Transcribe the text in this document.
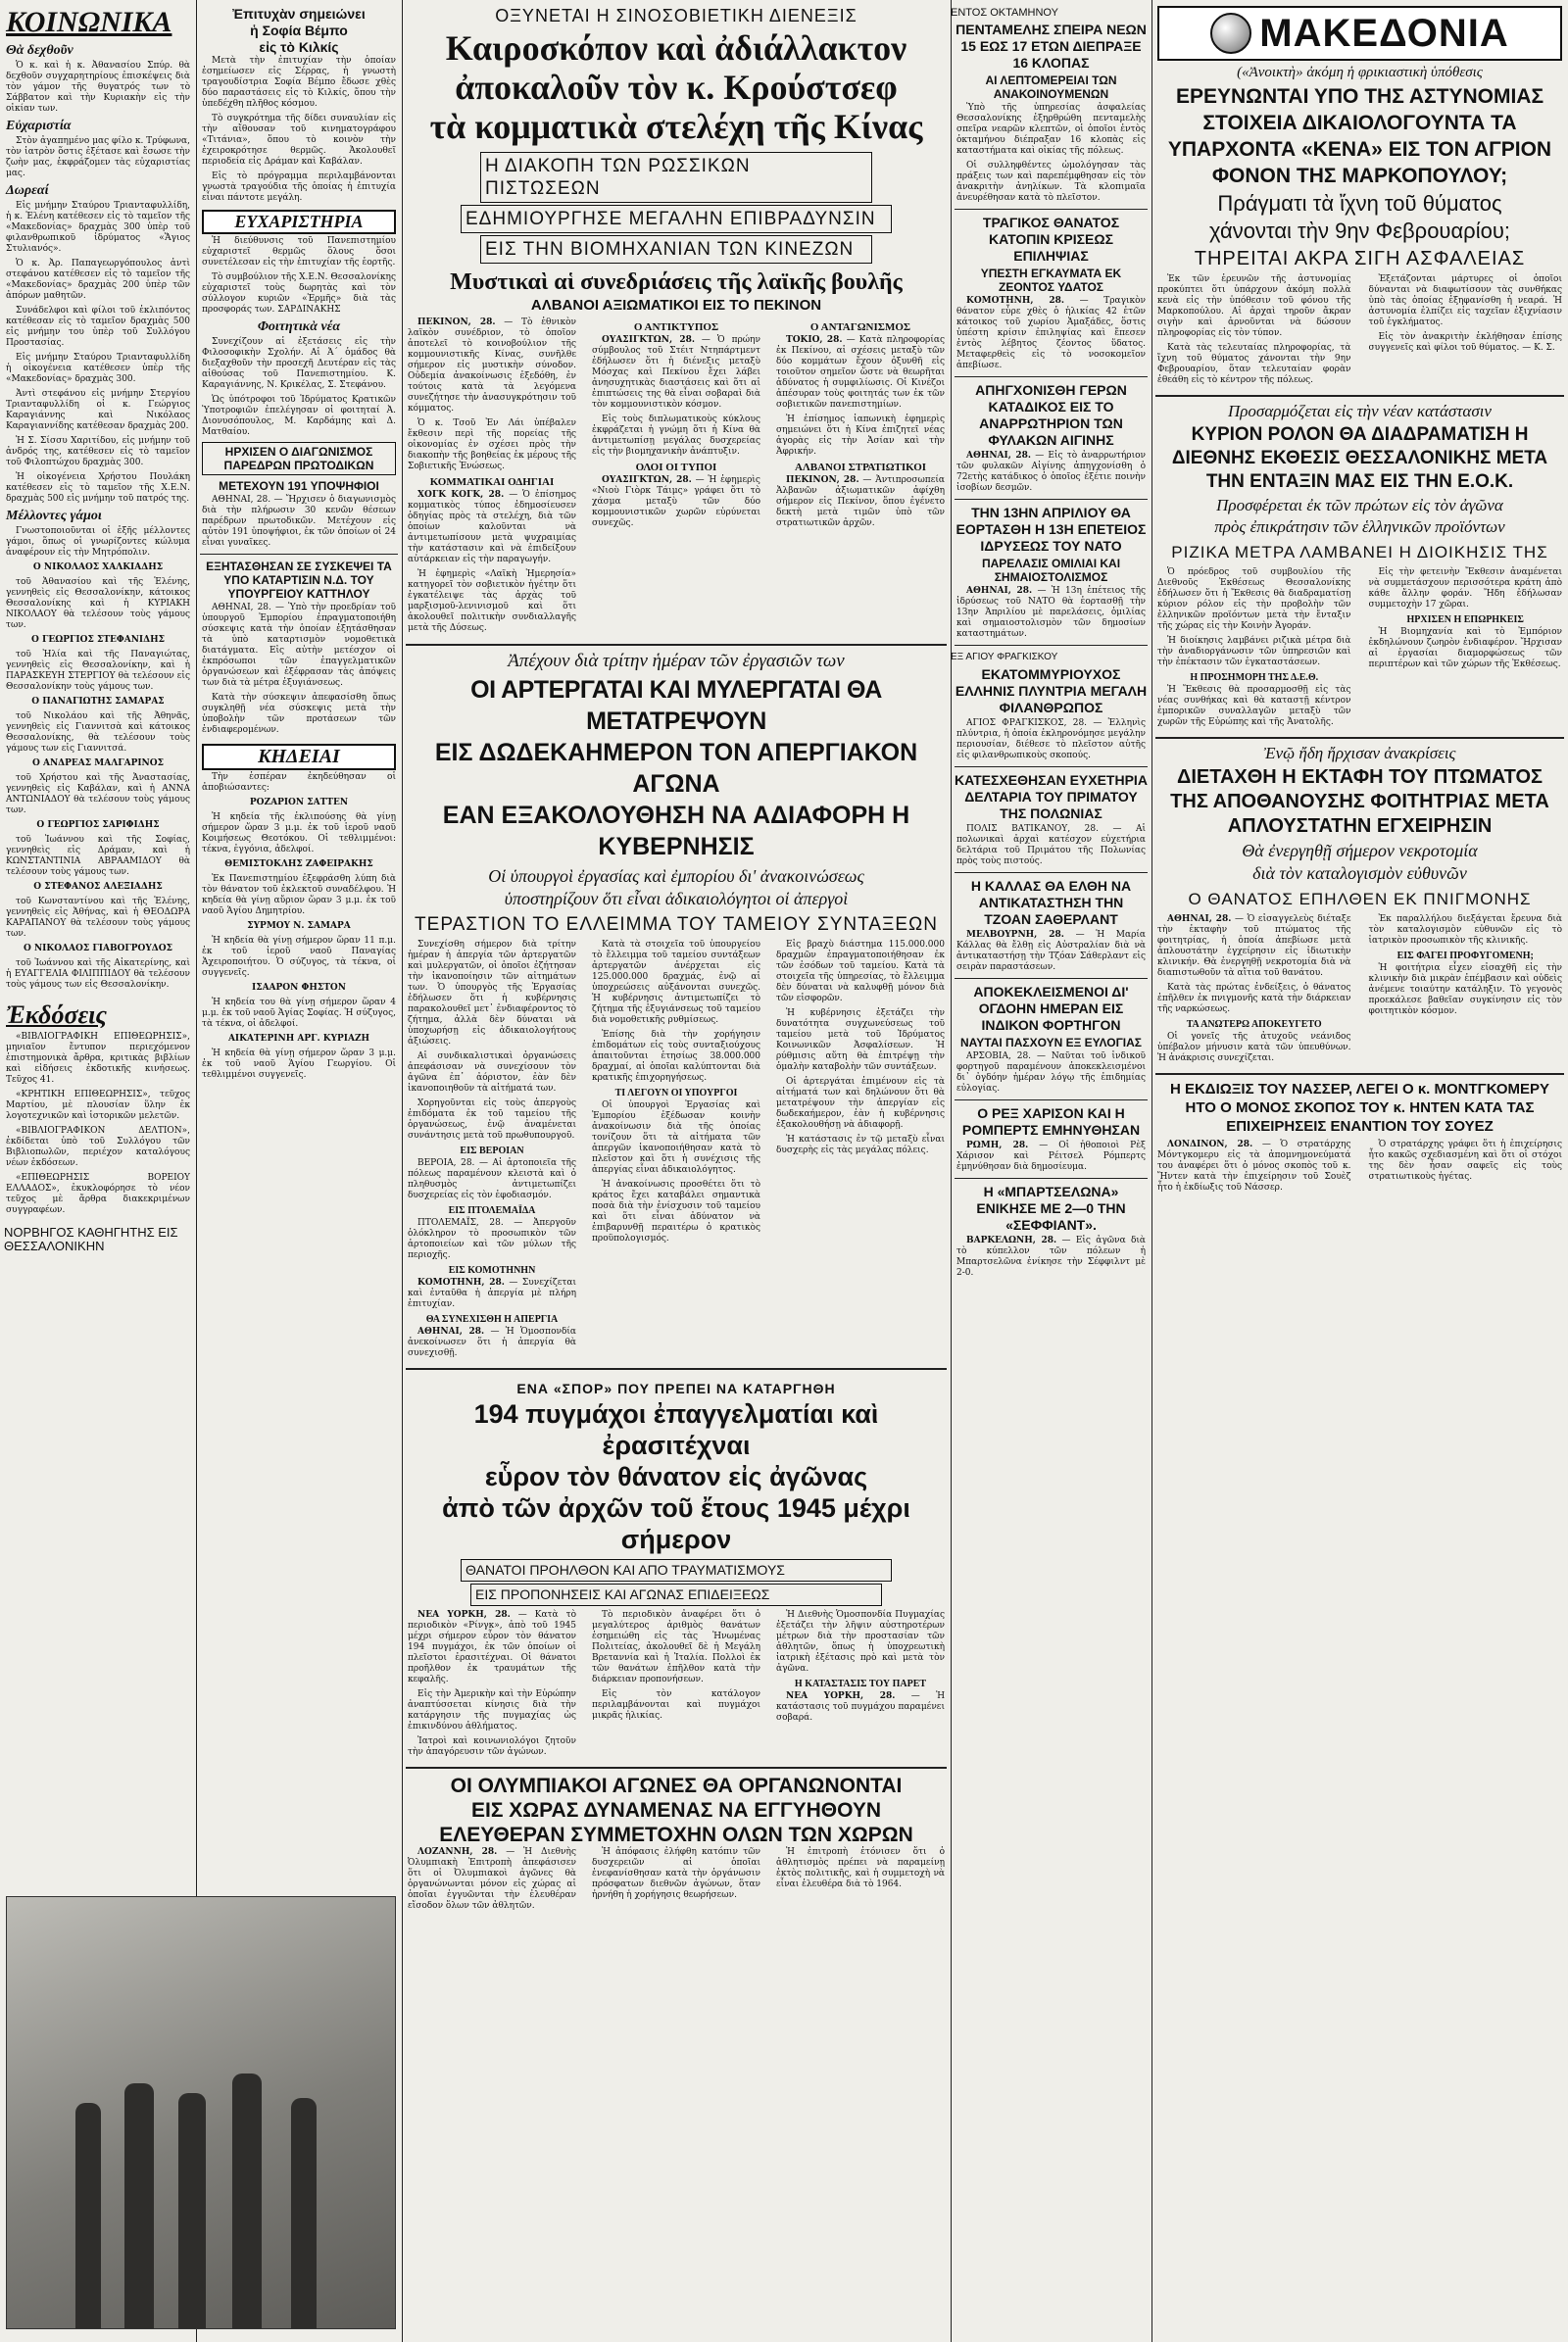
ΚΟΙΝΩΝΙΚΑ
Θὰ δεχθοῦν

Ὁ κ. καὶ ἡ κ. Ἀθανασίου Σπύρ. θὰ δεχθοῦν συγχαρητηρίους ἐπισκέψεις διὰ τὸν γάμον τῆς θυγατρός των τὸ Σάββατον καὶ τὴν Κυριακὴν εἰς τὴν οἰκίαν των.

Εὐχαριστία

Στὸν ἀγαπημένο μας φίλο κ. Τρύφωνα, τὸν ἰατρὸν ὅστις ἐξέτασε καὶ ἔσωσε τὴν ζωὴν μας, ἐκφράζομεν τὰς εὐχαριστίας μας.

Δωρεαί

Εἰς μνήμην Σταύρου Τριανταφυλλίδη, ἡ κ. Ἑλένη κατέθεσεν εἰς τὸ ταμεῖον τῆς «Μακεδονίας» δραχμὰς 300 ὑπὲρ τοῦ φιλανθρωπικοῦ ἱδρύματος «Ἅγιος Στυλιανός».

Ὁ κ. Ἀρ. Παπαγεωργόπουλος ἀντὶ στεφάνου κατέθεσεν εἰς τὸ ταμεῖον τῆς «Μακεδονίας» δραχμὰς 200 ὑπὲρ τῶν ἀπόρων μαθητῶν.

Συνάδελφοι καὶ φίλοι τοῦ ἐκλιπόντος κατέθεσαν εἰς τὸ ταμεῖον δραχμὰς 500 εἰς μνήμην του ὑπὲρ τοῦ Συλλόγου Προστασίας.

Εἰς μνήμην Σταύρου Τριανταφυλλίδη ἡ οἰκογένεια κατέθεσεν ὑπὲρ τῆς «Μακεδονίας» δραχμὰς 300.

Ἀντὶ στεφάνου εἰς μνήμην Στεργίου Τριανταφυλλίδη οἱ κ. Γεώργιος Καραγιάννης καὶ Νικόλαος Καραγιαννίδης κατέθεσαν δραχμὰς 200.

Ἡ Σ. Σίσσυ Χαριτίδου, εἰς μνήμην τοῦ ἀνδρός της, κατέθεσεν εἰς τὸ ταμεῖον τοῦ Φιλοπτώχου δραχμὰς 300.

Ἡ οἰκογένεια Χρήστου Πουλάκη κατέθεσεν εἰς τὸ ταμεῖον τῆς Χ.Ε.Ν. δραχμὰς 500 εἰς μνήμην τοῦ πατρός της.

Μέλλοντες γάμοι

Γνωστοποιοῦνται οἱ ἑξῆς μέλλοντες γάμοι, ὅπως οἱ γνωρίζοντες κώλυμα ἀναφέρουν εἰς τὴν Μητρόπολιν.

Ο ΝΙΚΟΛΑΟΣ ΧΑΛΚΙΑΔΗΣ

τοῦ Ἀθανασίου καὶ τῆς Ἑλένης, γεννηθεὶς εἰς Θεσσαλονίκην, κάτοικος Θεσσαλονίκης καὶ ἡ ΚΥΡΙΑΚΗ ΝΙΚΟΛΑΟΥ θὰ τελέσουν τοὺς γάμους των.

Ο ΓΕΩΡΓΙΟΣ ΣΤΕΦΑΝΙΔΗΣ

τοῦ Ἠλία καὶ τῆς Παναγιώτας, γεννηθεὶς εἰς Θεσσαλονίκην, καὶ ἡ ΠΑΡΑΣΚΕΥΗ ΣΤΕΡΓΙΟΥ θὰ τελέσουν εἰς Θεσσαλονίκην τοὺς γάμους των.

Ο ΠΑΝΑΓΙΩΤΗΣ ΣΑΜΑΡΑΣ

τοῦ Νικολάου καὶ τῆς Ἀθηνᾶς, γεννηθεὶς εἰς Γιαννιτσὰ καὶ κάτοικος Θεσσαλονίκης, θὰ τελέσουν τοὺς γάμους των εἰς Γιαννιτσά.

Ο ΑΝΔΡΕΑΣ ΜΑΛΓΑΡΙΝΟΣ

τοῦ Χρήστου καὶ τῆς Ἀναστασίας, γεννηθεὶς εἰς Καβάλαν, καὶ ἡ ΑΝΝΑ ΑΝΤΩΝΙΑΔΟΥ θὰ τελέσουν τοὺς γάμους των.

Ο ΓΕΩΡΓΙΟΣ ΣΑΡΙΦΙΔΗΣ

τοῦ Ἰωάννου καὶ τῆς Σοφίας, γεννηθεὶς εἰς Δράμαν, καὶ ἡ ΚΩΝΣΤΑΝΤΙΝΙΑ ΑΒΡΑΑΜΙΔΟΥ θὰ τελέσουν τοὺς γάμους των.

Ο ΣΤΕΦΑΝΟΣ ΑΛΕΞΙΑΔΗΣ

τοῦ Κωνσταντίνου καὶ τῆς Ἑλένης, γεννηθεὶς εἰς Ἀθήνας, καὶ ἡ ΘΕΟΔΩΡΑ ΚΑΡΑΠΑΝΟΥ θὰ τελέσουν τοὺς γάμους των.

Ο ΝΙΚΟΛΑΟΣ ΓΙΑΒΟΓΡΟΥΔΟΣ

τοῦ Ἰωάννου καὶ τῆς Αἰκατερίνης, καὶ ἡ ΕΥΑΓΓΕΛΙΑ ΦΙΛΙΠΠΙΔΟΥ θὰ τελέσουν τοὺς γάμους των εἰς Θεσσαλονίκην.

Ἐκδόσεις

«ΒΙΒΛΙΟΓΡΑΦΙΚΗ ΕΠΙΘΕΩΡΗΣΙΣ», μηνιαῖον ἔντυπον περιεχόμενον ἐπιστημονικὰ ἄρθρα, κριτικὰς βιβλίων καὶ εἰδήσεις ἐκδοτικῆς κινήσεως. Τεῦχος 41.

«ΚΡΗΤΙΚΗ ΕΠΙΘΕΩΡΗΣΙΣ», τεῦχος Μαρτίου, μὲ πλουσίαν ὕλην ἐκ λογοτεχνικῶν καὶ ἱστορικῶν μελετῶν.

«ΒΙΒΛΙΟΓΡΑΦΙΚΟΝ ΔΕΛΤΙΟΝ», ἐκδίδεται ὑπὸ τοῦ Συλλόγου τῶν Βιβλιοπωλῶν, περιέχον καταλόγους νέων ἐκδόσεων.

«ΕΠΙΘΕΩΡΗΣΙΣ ΒΟΡΕΙΟΥ ΕΛΛΑΔΟΣ», ἐκυκλοφόρησε τὸ νέον τεῦχος μὲ ἄρθρα διακεκριμένων συγγραφέων.

ΝΟΡΒΗΓΟΣ ΚΑΘΗΓΗΤΗΣ ΕΙΣ ΘΕΣΣΑΛΟΝΙΚΗΝ
Ἐπιτυχὰν σημειώνει
ἡ Σοφία Βέμπο
εἰς τὸ Κιλκίς

Μετὰ τὴν ἐπιτυχίαν τὴν ὁποίαν ἐσημείωσεν εἰς Σέρρας, ἡ γνωστὴ τραγουδίστρια Σοφία Βέμπο ἔδωσε χθὲς δύο παραστάσεις εἰς τὸ Κιλκίς, ὅπου τὴν ὑπεδέχθη πλῆθος κόσμου.

Τὸ συγκρότημα τῆς δίδει συναυλίαν εἰς τὴν αἴθουσαν τοῦ κινηματογράφου «Τιτάνια», ὅπου τὸ κοινὸν τὴν ἐχειροκρότησε θερμῶς. Ἀκολουθεῖ περιοδεία εἰς Δράμαν καὶ Καβάλαν.

Εἰς τὸ πρόγραμμα περιλαμβάνονται γνωστὰ τραγούδια τῆς ὁποίας ἡ ἐπιτυχία εἶναι πάντοτε μεγάλη.

ΕΥΧΑΡΙΣΤΗΡΙΑ

Ἡ διεύθυνσις τοῦ Πανεπιστημίου εὐχαριστεῖ θερμῶς ὅλους ὅσοι συνετέλεσαν εἰς τὴν ἐπιτυχίαν τῆς ἑορτῆς.

Τὸ συμβούλιον τῆς Χ.Ε.Ν. Θεσσαλονίκης εὐχαριστεῖ τοὺς δωρητὰς καὶ τὸν σύλλογον κυριῶν «Ἑρμῆς» διὰ τὰς προσφοράς των. ΣΑΡΔΙΝΑΚΗΣ

Φοιτητικὰ νέα

Συνεχίζουν αἱ ἐξετάσεις εἰς τὴν Φιλοσοφικὴν Σχολήν. Αἱ Ἀ΄ ὁμάδος θὰ διεξαχθοῦν τὴν προσεχῆ Δευτέραν εἰς τὰς αἰθούσας τοῦ Πανεπιστημίου. Κ. Καραγιάννης, Ν. Κρικέλας, Σ. Στεφάνου.

Ὡς ὑπότροφοι τοῦ Ἱδρύματος Κρατικῶν Ὑποτροφιῶν ἐπελέγησαν οἱ φοιτηταί Ἀ. Διονυσόπουλος, Μ. Καρδάμης καὶ Δ. Ματθαίου.

ΗΡΧΙΣΕΝ Ο ΔΙΑΓΩΝΙΣΜΟΣ ΠΑΡΕΔΡΩΝ ΠΡΩΤΟΔΙΚΩΝ
ΜΕΤΕΧΟΥΝ 191 ΥΠΟΨΗΦΙΟΙ

ΑΘΗΝΑΙ, 28. — Ἤρχισεν ὁ διαγωνισμὸς διὰ τὴν πλήρωσιν 30 κενῶν θέσεων παρέδρων πρωτοδικῶν. Μετέχουν εἰς αὐτὸν 191 ὑποψήφιοι, ἐκ τῶν ὁποίων οἱ 24 εἶναι γυναῖκες.

ΕΞΗΤΑΣΘΗΣΑΝ ΣΕ ΣΥΣΚΕΨΕΙ ΤΑ ΥΠΟ ΚΑΤΑΡΤΙΣΙΝ Ν.Δ. ΤΟΥ ΥΠΟΥΡΓΕΙΟΥ ΚΑΤΤΗΛΟΥ

ΑΘΗΝΑΙ, 28. — Ὑπὸ τὴν προεδρίαν τοῦ ὑπουργοῦ Ἐμπορίου ἐπραγματοποιήθη σύσκεψις κατὰ τὴν ὁποίαν ἐξητάσθησαν τὰ ὑπὸ καταρτισμὸν νομοθετικὰ διατάγματα. Εἰς αὐτὴν μετέσχον οἱ ἐκπρόσωποι τῶν ἐπαγγελματικῶν ὀργανώσεων καὶ ἐξέφρασαν τὰς ἀπόψεις των διὰ τὰ μέτρα ἐξυγιάνσεως.

Κατὰ τὴν σύσκεψιν ἀπεφασίσθη ὅπως συγκληθῇ νέα σύσκεψις μετὰ τὴν ὑποβολὴν τῶν προτάσεων τῶν ἐνδιαφερομένων.

ΚΗΔΕΙΑΙ

Τὴν ἐσπέραν ἐκηδεύθησαν οἱ ἀποβιώσαντες:

ΡΟΖΑΡΙΟΝ ΣΑΤΤΕΝ

Ἡ κηδεία τῆς ἐκλιπούσης θὰ γίνῃ σήμερον ὥραν 3 μ.μ. ἐκ τοῦ ἱεροῦ ναοῦ Κοιμήσεως Θεοτόκου. Οἱ τεθλιμμένοι: τέκνα, ἐγγόνια, ἀδελφοί.

ΘΕΜΙΣΤΟΚΛΗΣ ΖΑΦΕΙΡΑΚΗΣ

Ἐκ Πανεπιστημίου ἐξεφράσθη λύπη διὰ τὸν θάνατον τοῦ ἐκλεκτοῦ συναδέλφου. Ἡ κηδεία θὰ γίνῃ αὔριον ὥραν 3 μ.μ. ἐκ τοῦ ναοῦ Ἁγίου Δημητρίου.

ΣΥΡΜΟΥ Ν. ΣΑΜΑΡΑ

Ἡ κηδεία θὰ γίνῃ σήμερον ὥραν 11 π.μ. ἐκ τοῦ ἱεροῦ ναοῦ Παναγίας Ἀχειροποιήτου. Ὁ σύζυγος, τὰ τέκνα, οἱ συγγενεῖς.

ΙΣΑΑΡΟΝ ΦΗΣΤΟΝ

Ἡ κηδεία του θὰ γίνῃ σήμερον ὥραν 4 μ.μ. ἐκ τοῦ ναοῦ Ἁγίας Σοφίας. Ἡ σύζυγος, τὰ τέκνα, οἱ ἀδελφοί.

ΑΙΚΑΤΕΡΙΝΗ ΑΡΓ. ΚΥΡΙΑΖΗ

Ἡ κηδεία θὰ γίνῃ σήμερον ὥραν 3 μ.μ. ἐκ τοῦ ναοῦ Ἁγίου Γεωργίου. Οἱ τεθλιμμένοι συγγενεῖς.

ΟΞΥΝΕΤΑΙ Η ΣΙΝΟΣΟΒΙΕΤΙΚΗ ΔΙΕΝΕΞΙΣ
Καιροσκόπον καὶ ἀδιάλλακτον
ἀποκαλοῦν τὸν κ. Κρούστσεφ
τὰ κομματικὰ στελέχη τῆς Κίνας
Η ΔΙΑΚΟΠΗ ΤΩΝ ΡΩΣΣΙΚΩΝ ΠΙΣΤΩΣΕΩΝ
ΕΔΗΜΙΟΥΡΓΗΣΕ ΜΕΓΑΛΗΝ ΕΠΙΒΡΑΔΥΝΣΙΝ
ΕΙΣ ΤΗΝ ΒΙΟΜΗΧΑΝΙΑΝ ΤΩΝ ΚΙΝΕΖΩΝ
Μυστικαὶ αἱ συνεδριάσεις τῆς λαϊκῆς βουλῆς
ΑΛΒΑΝΟΙ ΑΞΙΩΜΑΤΙΚΟΙ ΕΙΣ ΤΟ ΠΕΚΙΝΟΝ

ΠΕΚΙΝΟΝ, 28. — Τὸ ἐθνικὸν λαϊκὸν συνέδριον, τὸ ὁποῖον ἀποτελεῖ τὸ κοινοβούλιον τῆς κομμουνιστικῆς Κίνας, συνῆλθε σήμερον εἰς μυστικὴν σύνοδον. Οὐδεμία ἀνακοίνωσις ἐξεδόθη, ἐν τούτοις κατὰ τὰ λεγόμενα συνεζήτησε τὴν ἀνασυγκρότησιν τοῦ κόμματος.

Ὁ κ. Τσοῦ Ἐν Λάι ὑπέβαλεν ἔκθεσιν περὶ τῆς πορείας τῆς οἰκονομίας ἐν σχέσει πρὸς τὴν διακοπὴν τῆς βοηθείας ἐκ μέρους τῆς Σοβιετικῆς Ἑνώσεως.

ΚΟΜΜΑΤΙΚΑΙ ΟΔΗΓΙΑΙ

ΧΟΓΚ ΚΟΓΚ, 28. — Ὁ ἐπίσημος κομματικὸς τύπος ἐδημοσίευσεν ὁδηγίας πρὸς τὰ στελέχη, διὰ τῶν ὁποίων καλοῦνται νὰ ἀντιμετωπίσουν μετὰ ψυχραιμίας τὴν κατάστασιν καὶ νὰ ἐπιδείξουν αὐτάρκειαν εἰς τὴν παραγωγήν.

Ἡ ἐφημερὶς «Λαϊκὴ Ἡμερησία» κατηγορεῖ τὸν σοβιετικὸν ἡγέτην ὅτι ἐγκατέλειψε τὰς ἀρχὰς τοῦ μαρξισμοῦ-λενινισμοῦ καὶ ὅτι ἀκολουθεῖ πολιτικὴν συνδιαλλαγῆς μετὰ τῆς Δύσεως.

Ο ΑΝΤΙΚΤΥΠΟΣ

ΟΥΑΣΙΓΚΤΩΝ, 28. — Ὁ πρώην σύμβουλος τοῦ Στέιτ Ντηπάρτμεντ ἐδήλωσεν ὅτι ἡ διένεξις μεταξὺ Μόσχας καὶ Πεκίνου ἔχει λάβει ἀνησυχητικὰς διαστάσεις καὶ ὅτι αἱ ἐπιπτώσεις της θὰ εἶναι σοβαραὶ διὰ τὸν κομμουνιστικὸν κόσμον.

Εἰς τοὺς διπλωματικοὺς κύκλους ἐκφράζεται ἡ γνώμη ὅτι ἡ Κίνα θὰ ἀντιμετωπίσῃ μεγάλας δυσχερείας εἰς τὴν βιομηχανικὴν ἀνάπτυξιν.

ΟΛΟΙ ΟΙ ΤΥΠΟΙ

ΟΥΑΣΙΓΚΤΩΝ, 28. — Ἡ ἐφημερὶς «Νιοὺ Γιὸρκ Τάιμς» γράφει ὅτι τὸ χάσμα μεταξὺ τῶν δύο κομμουνιστικῶν χωρῶν εὐρύνεται συνεχῶς.

Ο ΑΝΤΑΓΩΝΙΣΜΟΣ

ΤΟΚΙΟ, 28. — Κατὰ πληροφορίας ἐκ Πεκίνου, αἱ σχέσεις μεταξὺ τῶν δύο κομμάτων ἔχουν ὀξυνθῆ εἰς τοιοῦτον σημεῖον ὥστε νὰ θεωρῆται ἀδύνατος ἡ συμφιλίωσις. Οἱ Κινέζοι ἀπέσυραν τοὺς φοιτητάς των ἐκ τῶν σοβιετικῶν πανεπιστημίων.

Ἡ ἐπίσημος ἰαπωνικὴ ἐφημερὶς σημειώνει ὅτι ἡ Κίνα ἐπιζητεῖ νέας ἀγορὰς εἰς τὴν Ἀσίαν καὶ τὴν Ἀφρικήν.

ΑΛΒΑΝΟΙ ΣΤΡΑΤΙΩΤΙΚΟΙ

ΠΕΚΙΝΟΝ, 28. — Ἀντιπροσωπεία Ἀλβανῶν ἀξιωματικῶν ἀφίχθη σήμερον εἰς Πεκίνον, ὅπου ἐγένετο δεκτὴ μετὰ τιμῶν ὑπὸ τῶν στρατιωτικῶν ἀρχῶν.

Ἀπέχουν διὰ τρίτην ἡμέραν τῶν ἐργασιῶν των
ΟΙ ΑΡΤΕΡΓΑΤΑΙ ΚΑΙ ΜΥΛΕΡΓΑΤΑΙ ΘΑ ΜΕΤΑΤΡΕΨΟΥΝ
ΕΙΣ ΔΩΔΕΚΑΗΜΕΡΟΝ ΤΟΝ ΑΠΕΡΓΙΑΚΟΝ ΑΓΩΝΑ
ΕΑΝ ΕΞΑΚΟΛΟΥΘΗΣΗ ΝΑ ΑΔΙΑΦΟΡΗ Η ΚΥΒΕΡΝΗΣΙΣ
Οἱ ὑπουργοὶ ἐργασίας καὶ ἐμπορίου δι' ἀνακοινώσεως
ὑποστηρίζουν ὅτι εἶναι ἀδικαιολόγητοι οἱ ἀπεργοὶ
ΤΕΡΑΣΤΙΟΝ ΤΟ ΕΛΛΕΙΜΜΑ ΤΟΥ ΤΑΜΕΙΟΥ ΣΥΝΤΑΞΕΩΝ

Συνεχίσθη σήμερον διὰ τρίτην ἡμέραν ἡ ἀπεργία τῶν ἀρτεργατῶν καὶ μυλεργατῶν, οἱ ὁποῖοι ἐζήτησαν τὴν ἱκανοποίησιν τῶν αἰτημάτων των. Ὁ ὑπουργὸς τῆς Ἐργασίας ἐδήλωσεν ὅτι ἡ κυβέρνησις παρακολουθεῖ μετ᾽ ἐνδιαφέροντος τὸ ζήτημα, ἀλλὰ δὲν δύναται νὰ ὑποχωρήσῃ εἰς ἀδικαιολογήτους ἀξιώσεις.

Αἱ συνδικαλιστικαὶ ὀργανώσεις ἀπεφάσισαν νὰ συνεχίσουν τὸν ἀγῶνα ἐπ᾽ ἀόριστον, ἐὰν δὲν ἱκανοποιηθοῦν τὰ αἰτήματά των.

Χορηγοῦνται εἰς τοὺς ἀπεργοὺς ἐπιδόματα ἐκ τοῦ ταμείου τῆς ὀργανώσεως, ἐνῷ ἀναμένεται συνάντησις μετὰ τοῦ πρωθυπουργοῦ.

ΕΙΣ ΒΕΡΟΙΑΝ

ΒΕΡΟΙΑ, 28. — Αἱ ἀρτοποιεῖα τῆς πόλεως παραμένουν κλειστὰ καὶ ὁ πληθυσμὸς ἀντιμετωπίζει δυσχερείας εἰς τὸν ἐφοδιασμόν.

ΕΙΣ ΠΤΟΛΕΜΑΪΔΑ

ΠΤΟΛΕΜΑΪΣ, 28. — Ἀπεργοῦν ὁλόκληρον τὸ προσωπικὸν τῶν ἀρτοποιείων καὶ τῶν μύλων τῆς περιοχῆς.

ΕΙΣ ΚΟΜΟΤΗΝΗΝ

ΚΟΜΟΤΗΝΗ, 28. — Συνεχίζεται καὶ ἐνταῦθα ἡ ἀπεργία μὲ πλήρη ἐπιτυχίαν.

ΘΑ ΣΥΝΕΧΙΣΘΗ Η ΑΠΕΡΓΙΑ

ΑΘΗΝΑΙ, 28. — Ἡ Ὁμοσπονδία ἀνεκοίνωσεν ὅτι ἡ ἀπεργία θὰ συνεχισθῇ.

Κατὰ τὰ στοιχεῖα τοῦ ὑπουργείου τὸ ἔλλειμμα τοῦ ταμείου συντάξεων ἀρτεργατῶν ἀνέρχεται εἰς 125.000.000 δραχμάς, ἐνῷ αἱ ὑποχρεώσεις αὐξάνονται συνεχῶς. Ἡ κυβέρνησις ἀντιμετωπίζει τὸ ζήτημα τῆς ἐξυγιάνσεως τοῦ ταμείου διὰ νομοθετικῆς ρυθμίσεως.

Ἐπίσης διὰ τὴν χορήγησιν ἐπιδομάτων εἰς τοὺς συνταξιούχους ἀπαιτοῦνται ἐτησίως 38.000.000 δραχμαί, αἱ ὁποῖαι καλύπτονται διὰ κρατικῆς ἐπιχορηγήσεως.

ΤΙ ΛΕΓΟΥΝ ΟΙ ΥΠΟΥΡΓΟΙ

Οἱ ὑπουργοὶ Ἐργασίας καὶ Ἐμπορίου ἐξέδωσαν κοινὴν ἀνακοίνωσιν διὰ τῆς ὁποίας τονίζουν ὅτι τὰ αἰτήματα τῶν ἀπεργῶν ἱκανοποιήθησαν κατὰ τὸ πλεῖστον καὶ ὅτι ἡ συνέχισις τῆς ἀπεργίας εἶναι ἀδικαιολόγητος.

Ἡ ἀνακοίνωσις προσθέτει ὅτι τὸ κράτος ἔχει καταβάλει σημαντικὰ ποσὰ διὰ τὴν ἐνίσχυσιν τοῦ ταμείου καὶ ὅτι εἶναι ἀδύνατον νὰ ἐπιβαρυνθῇ περαιτέρω ὁ κρατικὸς προϋπολογισμός.

Εἰς βραχὺ διάστημα 115.000.000 δραχμῶν ἐπραγματοποιήθησαν ἐκ τῶν ἐσόδων τοῦ ταμείου. Κατὰ τὰ στοιχεῖα τῆς ὑπηρεσίας, τὸ ἔλλειμμα δὲν δύναται νὰ καλυφθῇ μόνον διὰ τῶν εἰσφορῶν.

Ἡ κυβέρνησις ἐξετάζει τὴν δυνατότητα συγχωνεύσεως τοῦ ταμείου μετὰ τοῦ Ἱδρύματος Κοινωνικῶν Ἀσφαλίσεων. Ἡ ρύθμισις αὕτη θὰ ἐπιτρέψῃ τὴν ὁμαλὴν καταβολὴν τῶν συντάξεων.

Οἱ ἀρτεργάται ἐπιμένουν εἰς τὰ αἰτήματά των καὶ δηλώνουν ὅτι θὰ μετατρέψουν τὴν ἀπεργίαν εἰς δωδεκαήμερον, ἐὰν ἡ κυβέρνησις ἐξακολουθήσῃ νὰ ἀδιαφορῇ.

Ἡ κατάστασις ἐν τῷ μεταξὺ εἶναι δυσχερὴς εἰς τὰς μεγάλας πόλεις.

ΕΝΑ «ΣΠΟΡ» ΠΟΥ ΠΡΕΠΕΙ ΝΑ ΚΑΤΑΡΓΗΘΗ
194 πυγμάχοι ἐπαγγελματίαι καὶ ἐρασιτέχναι
εὗρον τὸν θάνατον εἰς ἀγῶνας
ἀπὸ τῶν ἀρχῶν τοῦ ἔτους 1945 μέχρι σήμερον
ΘΑΝΑΤΟΙ ΠΡΟΗΛΘΟΝ ΚΑΙ ΑΠΟ ΤΡΑΥΜΑΤΙΣΜΟΥΣ
ΕΙΣ ΠΡΟΠΟΝΗΣΕΙΣ ΚΑΙ ΑΓΩΝΑΣ ΕΠΙΔΕΙΞΕΩΣ

ΝΕΑ ΥΟΡΚΗ, 28. — Κατὰ τὸ περιοδικὸν «Ρίνγκ», ἀπὸ τοῦ 1945 μέχρι σήμερον εὗρον τὸν θάνατον 194 πυγμάχοι, ἐκ τῶν ὁποίων οἱ πλεῖστοι ἐρασιτέχναι. Οἱ θάνατοι προῆλθον ἐκ τραυμάτων τῆς κεφαλῆς.

Εἰς τὴν Ἀμερικὴν καὶ τὴν Εὐρώπην ἀναπτύσσεται κίνησις διὰ τὴν κατάργησιν τῆς πυγμαχίας ὡς ἐπικινδύνου ἀθλήματος.

Ἰατροὶ καὶ κοινωνιολόγοι ζητοῦν τὴν ἀπαγόρευσιν τῶν ἀγώνων.

Τὸ περιοδικὸν ἀναφέρει ὅτι ὁ μεγαλύτερος ἀριθμὸς θανάτων ἐσημειώθη εἰς τὰς Ἡνωμένας Πολιτείας, ἀκολουθεῖ δὲ ἡ Μεγάλη Βρεταννία καὶ ἡ Ἰταλία. Πολλοὶ ἐκ τῶν θανάτων ἐπῆλθον κατὰ τὴν διάρκειαν προπονήσεων.

Εἰς τὸν κατάλογον περιλαμβάνονται καὶ πυγμάχοι μικρᾶς ἡλικίας.

Ἡ Διεθνὴς Ὁμοσπονδία Πυγμαχίας ἐξετάζει τὴν λῆψιν αὐστηροτέρων μέτρων διὰ τὴν προστασίαν τῶν ἀθλητῶν, ὅπως ἡ ὑποχρεωτικὴ ἰατρικὴ ἐξέτασις πρὸ καὶ μετὰ τὸν ἀγῶνα.

Η ΚΑΤΑΣΤΑΣΙΣ ΤΟΥ ΠΑΡΕΤ

ΝΕΑ ΥΟΡΚΗ, 28. — Ἡ κατάστασις τοῦ πυγμάχου παραμένει σοβαρά.

ΟΙ ΟΛΥΜΠΙΑΚΟΙ ΑΓΩΝΕΣ ΘΑ ΟΡΓΑΝΩΝΟΝΤΑΙ
ΕΙΣ ΧΩΡΑΣ ΔΥΝΑΜΕΝΑΣ ΝΑ ΕΓΓΥΗΘΟΥΝ
ΕΛΕΥΘΕΡΑΝ ΣΥΜΜΕΤΟΧΗΝ ΟΛΩΝ ΤΩΝ ΧΩΡΩΝ

ΛΟΖΑΝΝΗ, 28. — Ἡ Διεθνὴς Ὀλυμπιακὴ Ἐπιτροπὴ ἀπεφάσισεν ὅτι οἱ Ὀλυμπιακοὶ ἀγῶνες θὰ ὀργανώνωνται μόνον εἰς χώρας αἱ ὁποῖαι ἐγγυῶνται τὴν ἐλευθέραν εἴσοδον ὅλων τῶν ἀθλητῶν.

Ἡ ἀπόφασις ἐλήφθη κατόπιν τῶν δυσχερειῶν αἱ ὁποῖαι ἐνεφανίσθησαν κατὰ τὴν ὀργάνωσιν πρόσφατων διεθνῶν ἀγώνων, ὅταν ἠρνήθη ἡ χορήγησις θεωρήσεων.

Ἡ ἐπιτροπὴ ἐτόνισεν ὅτι ὁ ἀθλητισμὸς πρέπει νὰ παραμείνῃ ἐκτὸς πολιτικῆς, καὶ ἡ συμμετοχὴ νὰ εἶναι ἐλευθέρα διὰ τὸ 1964.

ΕΝΤΟΣ ΟΚΤΑΜΗΝΟΥ
ΠΕΝΤΑΜΕΛΗΣ ΣΠΕΙΡΑ ΝΕΩΝ 15 ΕΩΣ 17 ΕΤΩΝ ΔΙΕΠΡΑΞΕ 16 ΚΛΟΠΑΣ
ΑΙ ΛΕΠΤΟΜΕΡΕΙΑΙ ΤΩΝ ΑΝΑΚΟΙΝΟΥΜΕΝΩΝ

Ὑπὸ τῆς ὑπηρεσίας ἀσφαλείας Θεσσαλονίκης ἐξηρθρώθη πενταμελὴς σπεῖρα νεαρῶν κλεπτῶν, οἱ ὁποῖοι ἐντὸς ὀκταμήνου διέπραξαν 16 κλοπὰς εἰς καταστήματα καὶ οἰκίας τῆς πόλεως.

Οἱ συλληφθέντες ὡμολόγησαν τὰς πράξεις των καὶ παρεπέμφθησαν εἰς τὸν ἀνακριτὴν ἀνηλίκων. Τὰ κλοπιμαῖα ἀνευρέθησαν κατὰ τὸ πλεῖστον.

ΤΡΑΓΙΚΟΣ ΘΑΝΑΤΟΣ ΚΑΤΟΠΙΝ ΚΡΙΣΕΩΣ ΕΠΙΛΗΨΙΑΣ
ΥΠΕΣΤΗ ΕΓΚΑΥΜΑΤΑ ΕΚ ΖΕΟΝΤΟΣ ΥΔΑΤΟΣ

ΚΟΜΟΤΗΝΗ, 28. — Τραγικὸν θάνατον εὗρε χθὲς ὁ ἡλικίας 42 ἐτῶν κάτοικος τοῦ χωρίου Ἀμαξάδες, ὅστις ὑπέστη κρίσιν ἐπιληψίας καὶ ἔπεσεν ἐντὸς λέβητος ζέοντος ὕδατος. Μεταφερθεὶς εἰς τὸ νοσοκομεῖον ἀπεβίωσε.

ΑΠΗΓΧΟΝΙΣΘΗ ΓΕΡΩΝ ΚΑΤΑΔΙΚΟΣ ΕΙΣ ΤΟ ΑΝΑΡΡΩΤΗΡΙΟΝ ΤΩΝ ΦΥΛΑΚΩΝ ΑΙΓΙΝΗΣ

ΑΘΗΝΑΙ, 28. — Εἰς τὸ ἀναρρωτήριον τῶν φυλακῶν Αἰγίνης ἀπηγχονίσθη ὁ 72ετὴς κατάδικος ὁ ὁποῖος ἐξέτιε ποινὴν ἰσοβίων δεσμῶν.

ΤΗΝ 13ΗΝ ΑΠΡΙΛΙΟΥ ΘΑ ΕΟΡΤΑΣΘΗ Η 13Η ΕΠΕΤΕΙΟΣ ΙΔΡΥΣΕΩΣ ΤΟΥ ΝΑΤΟ
ΠΑΡΕΛΑΣΙΣ ΟΜΙΛΙΑΙ ΚΑΙ ΣΗΜΑΙΟΣΤΟΛΙΣΜΟΣ

ΑΘΗΝΑΙ, 28. — Ἡ 13η ἐπέτειος τῆς ἱδρύσεως τοῦ ΝΑΤΟ θὰ ἑορτασθῇ τὴν 13ην Ἀπριλίου μὲ παρελάσεις, ὁμιλίας καὶ σημαιοστολισμὸν τῶν δημοσίων καταστημάτων.

ΕΞ ΑΓΙΟΥ ΦΡΑΓΚΙΣΚΟΥ
ΕΚΑΤΟΜΜΥΡΙΟΥΧΟΣ ΕΛΛΗΝΙΣ ΠΛΥΝΤΡΙΑ ΜΕΓΑΛΗ ΦΙΛΑΝΘΡΩΠΟΣ

ΑΓΙΟΣ ΦΡΑΓΚΙΣΚΟΣ, 28. — Ἑλληνὶς πλύντρια, ἡ ὁποία ἐκληρονόμησε μεγάλην περιουσίαν, διέθεσε τὸ πλεῖστον αὐτῆς εἰς φιλανθρωπικοὺς σκοπούς.

ΚΑΤΕΣΧΕΘΗΣΑΝ ΕΥΧΕΤΗΡΙΑ ΔΕΛΤΑΡΙΑ ΤΟΥ ΠΡΙΜΑΤΟΥ ΤΗΣ ΠΟΛΩΝΙΑΣ

ΠΟΛΙΣ ΒΑΤΙΚΑΝΟΥ, 28. — Αἱ πολωνικαὶ ἀρχαὶ κατέσχον εὐχετήρια δελτάρια τοῦ Πριμάτου τῆς Πολωνίας πρὸς τοὺς πιστούς.

Η ΚΑΛΛΑΣ ΘΑ ΕΛΘΗ ΝΑ ΑΝΤΙΚΑΤΑΣΤΗΣΗ ΤΗΝ ΤΖΟΑΝ ΣΑΘΕΡΛΑΝΤ

ΜΕΛΒΟΥΡΝΗ, 28. — Ἡ Μαρία Κάλλας θὰ ἔλθῃ εἰς Αὐστραλίαν διὰ νὰ ἀντικαταστήσῃ τὴν Τζόαν Σάθερλαντ εἰς σειρὰν παραστάσεων.

ΑΠΟΚΕΚΛΕΙΣΜΕΝΟΙ ΔΙ' ΟΓΔΟΗΝ ΗΜΕΡΑΝ ΕΙΣ ΙΝΔΙΚΟΝ ΦΟΡΤΗΓΟΝ
ΝΑΥΤΑΙ ΠΑΣΧΟΥΝ ΕΞ ΕΥΛΟΓΙΑΣ

ΑΡΣΟΒΙΑ, 28. — Ναῦται τοῦ ἰνδικοῦ φορτηγοῦ παραμένουν ἀποκεκλεισμένοι δι᾽ ὀγδόην ἡμέραν λόγῳ τῆς ἐπιδημίας εὐλογίας.

Ο ΡΕΞ ΧΑΡΙΣΟΝ ΚΑΙ Η ΡΟΜΠΕΡΤΣ ΕΜΗΝΥΘΗΣΑΝ

ΡΩΜΗ, 28. — Οἱ ἠθοποιοὶ Ρὲξ Χάρισον καὶ Ρέιτσελ Ρόμπερτς ἐμηνύθησαν διὰ δημοσίευμα.

Η «ΜΠΑΡΤΣΕΛΩΝΑ» ΕΝΙΚΗΣΕ ΜΕ 2—0 ΤΗΝ «ΣΕΦΦΙΑΝΤ».

ΒΑΡΚΕΛΩΝΗ, 28. — Εἰς ἀγῶνα διὰ τὸ κύπελλον τῶν πόλεων ἡ Μπαρτσελῶνα ἐνίκησε τὴν Σέφφιλντ μὲ 2-0.

ΜΑΚΕΔΟΝΙΑ
(«Ἀνοικτὴ» ἀκόμη ἡ φρικιαστικὴ ὑπόθεσις
ΕΡΕΥΝΩΝΤΑΙ ΥΠΟ ΤΗΣ ΑΣΤΥΝΟΜΙΑΣ ΣΤΟΙΧΕΙΑ ΔΙΚΑΙΟΛΟΓΟΥΝΤΑ ΤΑ ΥΠΑΡΧΟΝΤΑ «ΚΕΝΑ» ΕΙΣ ΤΟΝ ΑΓΡΙΟΝ ΦΟΝΟΝ ΤΗΣ ΜΑΡΚΟΠΟΥΛΟΥ;
Πράγματι τὰ ἴχνη τοῦ θύματος
χάνονται τὴν 9ην Φεβρουαρίου;
ΤΗΡΕΙΤΑΙ ΑΚΡΑ ΣΙΓΗ ΑΣΦΑΛΕΙΑΣ

Ἐκ τῶν ἐρευνῶν τῆς ἀστυνομίας προκύπτει ὅτι ὑπάρχουν ἀκόμη πολλὰ κενὰ εἰς τὴν ὑπόθεσιν τοῦ φόνου τῆς Μαρκοπούλου. Αἱ ἀρχαὶ τηροῦν ἄκραν σιγὴν καὶ ἀρνοῦνται νὰ δώσουν πληροφορίας εἰς τὸν τύπον.

Κατὰ τὰς τελευταίας πληροφορίας, τὰ ἴχνη τοῦ θύματος χάνονται τὴν 9ην Φεβρουαρίου, ὅταν τελευταίαν φορὰν ἐθεάθη εἰς τὸ κέντρον τῆς πόλεως.

Ἐξετάζονται μάρτυρες οἱ ὁποῖοι δύνανται νὰ διαφωτίσουν τὰς συνθήκας ὑπὸ τὰς ὁποίας ἐξηφανίσθη ἡ νεαρά. Ἡ ἀστυνομία ἐλπίζει εἰς ταχεῖαν ἐξιχνίασιν τοῦ ἐγκλήματος.

Εἰς τὸν ἀνακριτὴν ἐκλήθησαν ἐπίσης συγγενεῖς καὶ φίλοι τοῦ θύματος. — Κ. Σ.

Προσαρμόζεται εἰς τὴν νέαν κατάστασιν
ΚΥΡΙΟΝ ΡΟΛΟΝ ΘΑ ΔΙΑΔΡΑΜΑΤΙΣΗ Η ΔΙΕΘΝΗΣ ΕΚΘΕΣΙΣ ΘΕΣΣΑΛΟΝΙΚΗΣ ΜΕΤΑ ΤΗΝ ΕΝΤΑΞΙΝ ΜΑΣ ΕΙΣ ΤΗΝ Ε.Ο.Κ.
Προσφέρεται ἐκ τῶν πρώτων εἰς τὸν ἀγῶνα
πρὸς ἐπικράτησιν τῶν ἑλληνικῶν προϊόντων
ΡΙΖΙΚΑ ΜΕΤΡΑ ΛΑΜΒΑΝΕΙ Η ΔΙΟΙΚΗΣΙΣ ΤΗΣ

Ὁ πρόεδρος τοῦ συμβουλίου τῆς Διεθνοῦς Ἐκθέσεως Θεσσαλονίκης ἐδήλωσεν ὅτι ἡ Ἔκθεσις θὰ διαδραματίσῃ κύριον ρόλον εἰς τὴν προβολὴν τῶν ἑλληνικῶν προϊόντων μετὰ τὴν ἔνταξιν τῆς χώρας εἰς τὴν Κοινὴν Ἀγοράν.

Ἡ διοίκησις λαμβάνει ριζικὰ μέτρα διὰ τὴν ἀναδιοργάνωσιν τῶν ὑπηρεσιῶν καὶ τὴν ἐπέκτασιν τῶν ἐγκαταστάσεων.

Η ΠΡΟΣΗΜΟΡΗ ΤΗΣ Δ.Ε.Θ.

Ἡ Ἔκθεσις θὰ προσαρμοσθῇ εἰς τὰς νέας συνθήκας καὶ θὰ καταστῇ κέντρον ἐμπορικῶν συναλλαγῶν μεταξὺ τῶν χωρῶν τῆς Εὐρώπης καὶ τῆς Ἀνατολῆς.

Εἰς τὴν φετεινὴν Ἔκθεσιν ἀναμένεται νὰ συμμετάσχουν περισσότερα κράτη ἀπὸ κάθε ἄλλην φοράν. Ἤδη ἐδήλωσαν συμμετοχὴν 17 χῶραι.

ΗΡΧΙΣΕΝ Η ΕΠΩΡΗΚΕΙΣ

Ἡ Βιομηχανία καὶ τὸ Ἐμπόριον ἐκδηλώνουν ζωηρὸν ἐνδιαφέρον. Ἤρχισαν αἱ ἐργασίαι διαμορφώσεως τῶν περιπτέρων καὶ τῶν χώρων τῆς Ἐκθέσεως.

Ἐνῷ ἤδη ἤρχισαν ἀνακρίσεις
ΔΙΕΤΑΧΘΗ Η ΕΚΤΑΦΗ ΤΟΥ ΠΤΩΜΑΤΟΣ ΤΗΣ ΑΠΟΘΑΝΟΥΣΗΣ ΦΟΙΤΗΤΡΙΑΣ ΜΕΤΑ ΑΠΛΟΥΣΤΑΤΗΝ ΕΓΧΕΙΡΗΣΙΝ
Θὰ ἐνεργηθῇ σήμερον νεκροτομία
διὰ τὸν καταλογισμὸν εὐθυνῶν
Ο ΘΑΝΑΤΟΣ ΕΠΗΛΘΕΝ ΕΚ ΠΝΙΓΜΟΝΗΣ

ΑΘΗΝΑΙ, 28. — Ὁ εἰσαγγελεὺς διέταξε τὴν ἐκταφὴν τοῦ πτώματος τῆς φοιτητρίας, ἡ ὁποία ἀπεβίωσε μετὰ ἀπλουστάτην ἐγχείρησιν εἰς ἰδιωτικὴν κλινικήν. Θὰ ἐνεργηθῇ νεκροτομία διὰ νὰ διαπιστωθοῦν τὰ αἴτια τοῦ θανάτου.

Κατὰ τὰς πρώτας ἐνδείξεις, ὁ θάνατος ἐπῆλθεν ἐκ πνιγμονῆς κατὰ τὴν διάρκειαν τῆς ναρκώσεως.

ΤΑ ΑΝΩΤΕΡΩ ΑΠΟΚΕΥΓΕΤΟ

Οἱ γονεῖς τῆς ἀτυχοῦς νεάνιδος ὑπέβαλον μήνυσιν κατὰ τῶν ὑπευθύνων. Ἡ ἀνάκρισις συνεχίζεται.

Ἐκ παραλλήλου διεξάγεται ἔρευνα διὰ τὸν καταλογισμὸν εὐθυνῶν εἰς τὸ ἰατρικὸν προσωπικὸν τῆς κλινικῆς.

ΕΙΣ ΦΑΓΕΙ ΠΡΟΦΥΓΟΜΕΝΗ;

Ἡ φοιτήτρια εἶχεν εἰσαχθῆ εἰς τὴν κλινικὴν διὰ μικρὰν ἐπέμβασιν καὶ οὐδεὶς ἀνέμενε τοιαύτην κατάληξιν. Τὸ γεγονὸς προεκάλεσε βαθεῖαν συγκίνησιν εἰς τὸν φοιτητικὸν κόσμον.

Η ΕΚΔΙΩΞΙΣ ΤΟΥ ΝΑΣΣΕΡ, ΛΕΓΕΙ Ο κ. ΜΟΝΤΓΚΟΜΕΡΥ ΗΤΟ Ο ΜΟΝΟΣ ΣΚΟΠΟΣ ΤΟΥ κ. ΗΝΤΕΝ ΚΑΤΑ ΤΑΣ ΕΠΙΧΕΙΡΗΣΕΙΣ ΕΝΑΝΤΙΟΝ ΤΟΥ ΣΟΥΕΖ

ΛΟΝΔΙΝΟΝ, 28. — Ὁ στρατάρχης Μόντγκομερυ εἰς τὰ ἀπομνημονεύματά του ἀναφέρει ὅτι ὁ μόνος σκοπὸς τοῦ κ. Ἤντεν κατὰ τὴν ἐπιχείρησιν τοῦ Σουὲζ ἦτο ἡ ἐκδίωξις τοῦ Νάσσερ.

Ὁ στρατάρχης γράφει ὅτι ἡ ἐπιχείρησις ἦτο κακῶς σχεδιασμένη καὶ ὅτι οἱ στόχοι της δὲν ἦσαν σαφεῖς εἰς τοὺς στρατιωτικοὺς ἡγέτας.
